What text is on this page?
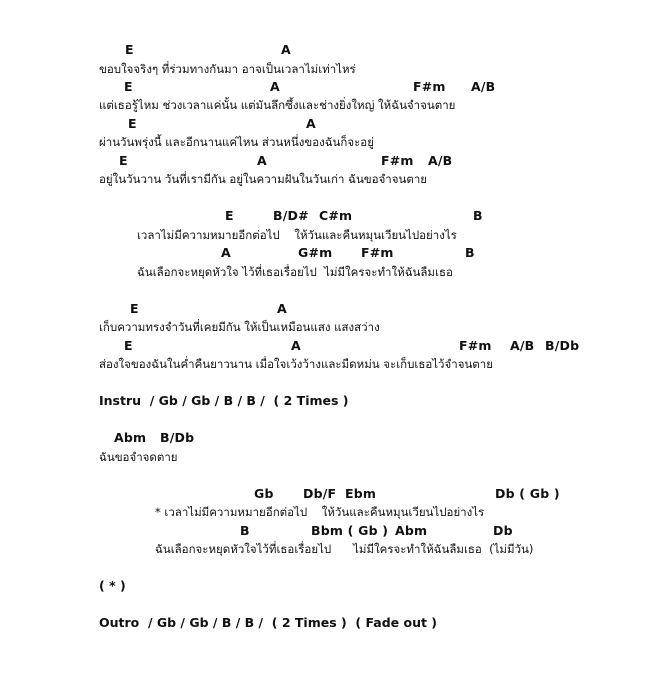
E	A
ขอบใจจริงๆ ที่ร่วมทางกันมา อาจเป็นเวลาไม่เท่าไหร่
E	A	F#m A/B
แต่เธอรู้ไหม ช่วงเวลาแค่นั้น แต่มันลึกซึ้งและช่างยิ่งใหญ่ ให้ฉันจำจนตาย
E	A
ผ่านวันพรุ่งนี้ และอีกนานแค่ไหน ส่วนหนึ่งของฉันก็จะอยู่
E	A	F#m A/B
อยู่ในวันวาน วันที่เรามีกัน อยู่ในความฝันในวันเก่า ฉันขอจำจนตาย
E	B/D# C#m	B
เวลาไม่มีความหมายอีกต่อไป    ให้วันและคืนหมุนเวียนไปอย่างไร
A	G#m F#m	B
ฉันเลือกจะหยุดหัวใจ ไว้ที่เธอเรื่อยไป  ไม่มีใครจะทำให้ฉันลืมเธอ
E	A
เก็บความทรงจำวันที่เคยมีกัน ให้เป็นเหมือนแสง แสงสว่าง
E	A	F#m A/B B/Db
ส่องใจของฉันในค่ำคืนยาวนาน เมื่อใจเว้งว้างและมืดหม่น จะเก็บเธอไว้จำจนตาย
Instru  / Gb / Gb / B / B /  ( 2 Times )
Abm B/Db
ฉันขอจำจดตาย
Gb Db/F Ebm	Db ( Gb )
* เวลาไม่มีความหมายอีกต่อไป    ให้วันและคืนหมุนเวียนไปอย่างไร
B	Bbm ( Gb ) Abm	Db
ฉันเลือกจะหยุดหัวใจไว้ที่เธอเรื่อยไป      ไม่มีใครจะทำให้ฉันลืมเธอ  (ไม่มีวัน)
( * )
Outro  / Gb / Gb / B / B /  ( 2 Times )  ( Fade out )
